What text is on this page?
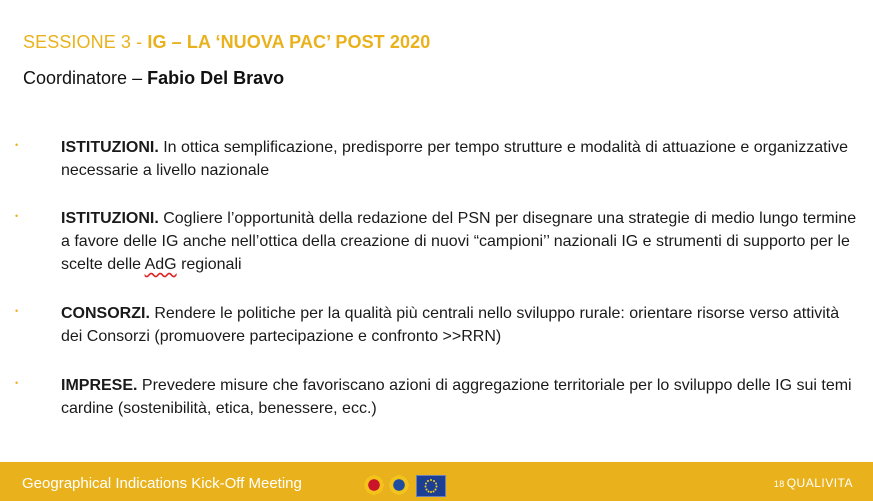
SESSIONE 3 - IG – LA ‘NUOVA PAC’ POST 2020
Coordinatore – Fabio Del Bravo
•	ISTITUZIONI. In ottica semplificazione, predisporre per tempo strutture e modalità di attuazione e organizzative necessarie a livello nazionale
•	ISTITUZIONI. Cogliere l’opportunità della redazione del PSN per disegnare una strategie di medio lungo termine a favore delle IG anche nell’ottica della creazione di nuovi “campioni’’ nazionali IG e strumenti di supporto per le scelte delle AdG regionali
•	CONSORZI. Rendere le politiche per la qualità più centrali nello sviluppo rurale: orientare risorse verso attività dei Consorzi (promuovere partecipazione e confronto >>RRN)
•	IMPRESE. Prevedere misure che favoriscano azioni di aggregazione territoriale per lo sviluppo delle IG sui temi cardine (sostenibilità, etica, benessere, ecc.)
Geographical Indications Kick-Off Meeting	18 QUALIVITA
